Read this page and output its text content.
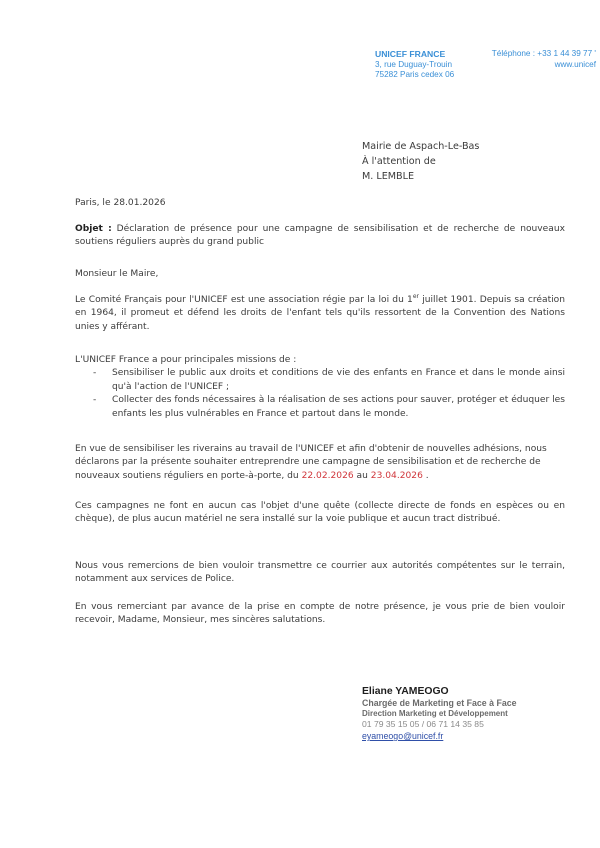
UNICEF FRANCE
3, rue Duguay-Trouin
75282 Paris cedex 06
Téléphone : +33 1 44 39 77 '
www.unicef
Mairie de Aspach-Le-Bas
À l'attention de
M. LEMBLE
Paris, le 28.01.2026
Objet : Déclaration de présence pour une campagne de sensibilisation et de recherche de nouveaux soutiens réguliers auprès du grand public
Monsieur le Maire,
Le Comité Français pour l'UNICEF est une association régie par la loi du 1er juillet 1901. Depuis sa création en 1964, il promeut et défend les droits de l'enfant tels qu'ils ressortent de la Convention des Nations unies y afférant.
L'UNICEF France a pour principales missions de :
- Sensibiliser le public aux droits et conditions de vie des enfants en France et dans le monde ainsi qu'à l'action de l'UNICEF ;
- Collecter des fonds nécessaires à la réalisation de ses actions pour sauver, protéger et éduquer les enfants les plus vulnérables en France et partout dans le monde.
En vue de sensibiliser les riverains au travail de l'UNICEF et afin d'obtenir de nouvelles adhésions, nous déclarons par la présente souhaiter entreprendre une campagne de sensibilisation et de recherche de nouveaux soutiens réguliers en porte-à-porte, du 22.02.2026 au 23.04.2026 .
Ces campagnes ne font en aucun cas l'objet d'une quête (collecte directe de fonds en espèces ou en chèque), de plus aucun matériel ne sera installé sur la voie publique et aucun tract distribué.
Nous vous remercions de bien vouloir transmettre ce courrier aux autorités compétentes sur le terrain, notamment aux services de Police.
En vous remerciant par avance de la prise en compte de notre présence, je vous prie de bien vouloir recevoir, Madame, Monsieur, mes sincères salutations.
Eliane YAMEOGO
Chargée de Marketing et Face à Face
Direction Marketing et Développement
01 79 35 15 05 / 06 71 14 35 85
eyameogo@unicef.fr
